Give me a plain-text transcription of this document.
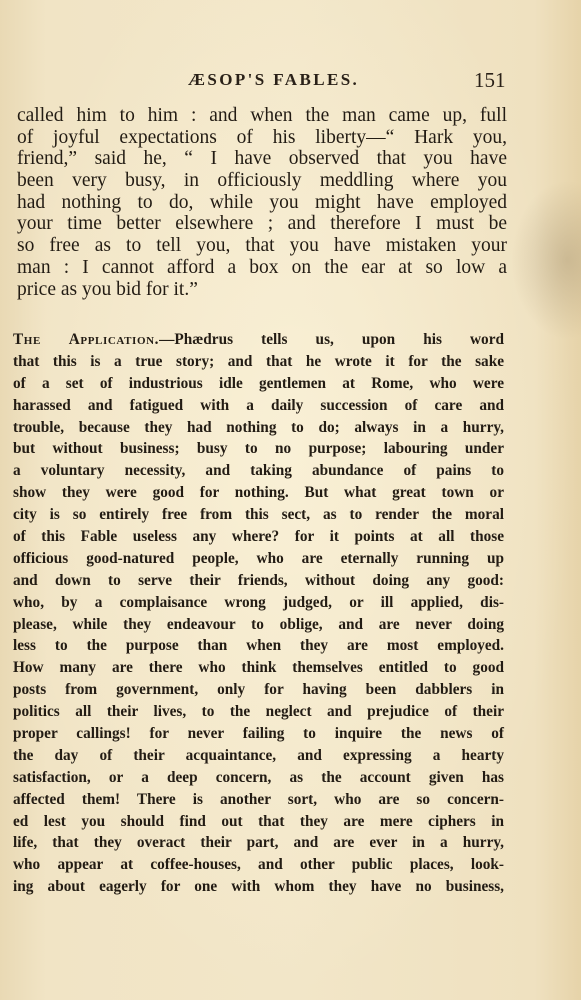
ÆSOP'S FABLES.	151
called him to him : and when the man came up, full
of joyful expectations of his liberty—“ Hark you,
friend,” said he, “ I have observed that you have
been very busy, in officiously meddling where you
had nothing to do, while you might have employed
your time better elsewhere ; and therefore I must be
so free as to tell you, that you have mistaken your
man : I cannot afford a box on the ear at so low a
price as you bid for it.”
The Application.—Phædrus tells us, upon his word
that this is a true story; and that he wrote it for the sake
of a set of industrious idle gentlemen at Rome, who were
harassed and fatigued with a daily succession of care and
trouble, because they had nothing to do; always in a hurry,
but without business; busy to no purpose; labouring under
a voluntary necessity, and taking abundance of pains to
show they were good for nothing. But what great town or
city is so entirely free from this sect, as to render the moral
of this Fable useless any where? for it points at all those
officious good-natured people, who are eternally running up
and down to serve their friends, without doing any good:
who, by a complaisance wrong judged, or ill applied, dis-
please, while they endeavour to oblige, and are never doing
less to the purpose than when they are most employed.
How many are there who think themselves entitled to good
posts from government, only for having been dabblers in
politics all their lives, to the neglect and prejudice of their
proper callings! for never failing to inquire the news of
the day of their acquaintance, and expressing a hearty
satisfaction, or a deep concern, as the account given has
affected them! There is another sort, who are so concern-
ed lest you should find out that they are mere ciphers in
life, that they overact their part, and are ever in a hurry,
who appear at coffee-houses, and other public places, look-
ing about eagerly for one with whom they have no business,
